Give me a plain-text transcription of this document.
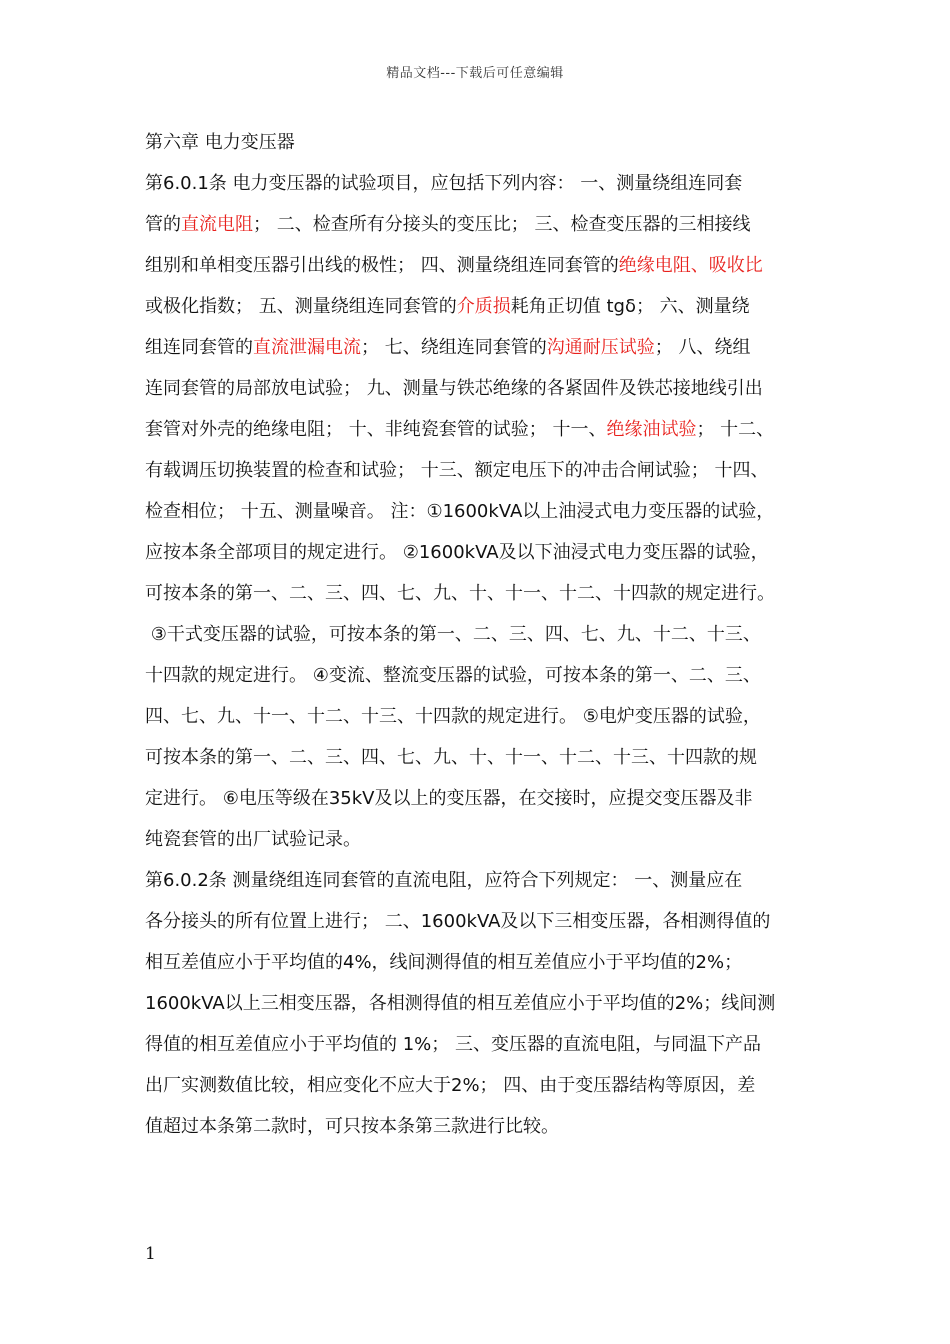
精品文档---下载后可任意编辑
第六章 电力变压器
第6.0.1条 电力变压器的试验项目，应包括下列内容： 一、测量绕组连同套
管的直流电阻； 二、检查所有分接头的变压比； 三、检查变压器的三相接线
组别和单相变压器引出线的极性； 四、测量绕组连同套管的绝缘电阻、吸收比
或极化指数； 五、测量绕组连同套管的介质损耗角正切值 tgδ； 六、测量绕
组连同套管的直流泄漏电流； 七、绕组连同套管的沟通耐压试验； 八、绕组
连同套管的局部放电试验； 九、测量与铁芯绝缘的各紧固件及铁芯接地线引出
套管对外壳的绝缘电阻； 十、非纯瓷套管的试验； 十一、绝缘油试验； 十二、
有载调压切换装置的检查和试验； 十三、额定电压下的冲击合闸试验； 十四、
检查相位； 十五、测量噪音。 注：①1600kVA以上油浸式电力变压器的试验，
应按本条全部项目的规定进行。 ②1600kVA及以下油浸式电力变压器的试验，
可按本条的第一、二、三、四、七、九、十、十一、十二、十四款的规定进行。
③干式变压器的试验，可按本条的第一、二、三、四、七、九、十二、十三、
十四款的规定进行。 ④变流、整流变压器的试验，可按本条的第一、二、三、
四、七、九、十一、十二、十三、十四款的规定进行。 ⑤电炉变压器的试验，
可按本条的第一、二、三、四、七、九、十、十一、十二、十三、十四款的规
定进行。 ⑥电压等级在35kV及以上的变压器，在交接时，应提交变压器及非
纯瓷套管的出厂试验记录。
第6.0.2条 测量绕组连同套管的直流电阻，应符合下列规定： 一、测量应在
各分接头的所有位置上进行； 二、1600kVA及以下三相变压器，各相测得值的
相互差值应小于平均值的4%，线间测得值的相互差值应小于平均值的2%；
1600kVA以上三相变压器，各相测得值的相互差值应小于平均值的2%；线间测
得值的相互差值应小于平均值的 1%； 三、变压器的直流电阻，与同温下产品
出厂实测数值比较，相应变化不应大于2%； 四、由于变压器结构等原因，差
值超过本条第二款时，可只按本条第三款进行比较。
1
